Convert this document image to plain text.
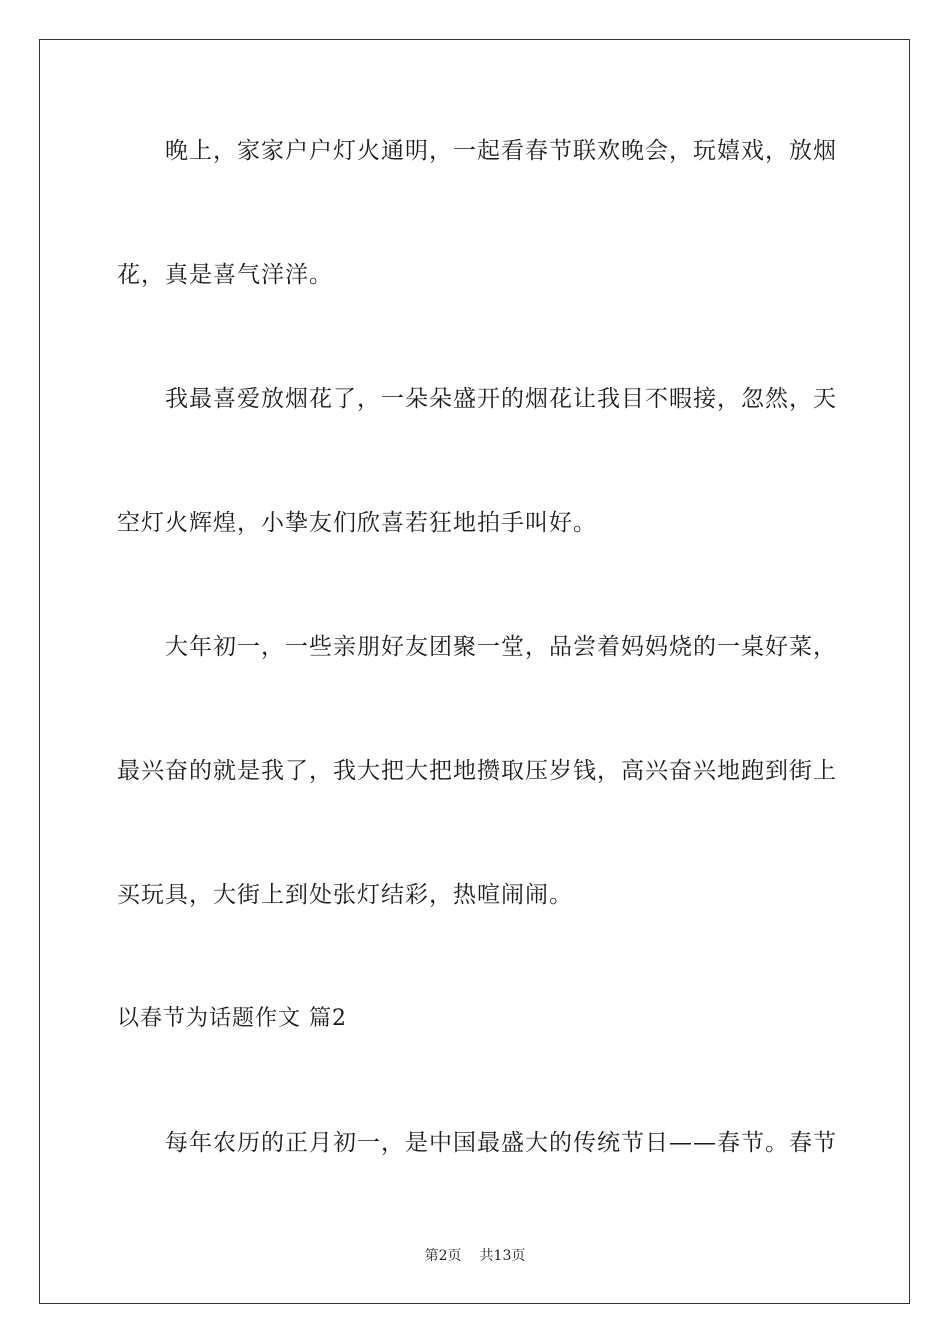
晚上，家家户户灯火通明，一起看春节联欢晚会，玩嬉戏，放烟
花，真是喜气洋洋。
我最喜爱放烟花了，一朵朵盛开的烟花让我目不暇接，忽然，天
空灯火辉煌，小挚友们欣喜若狂地拍手叫好。
大年初一，一些亲朋好友团聚一堂，品尝着妈妈烧的一桌好菜，
最兴奋的就是我了，我大把大把地攒取压岁钱，高兴奋兴地跑到街上
买玩具，大街上到处张灯结彩，热喧闹闹。
以春节为话题作文 篇2
每年农历的正月初一，是中国最盛大的传统节日——春节。春节
第2页 共13页
